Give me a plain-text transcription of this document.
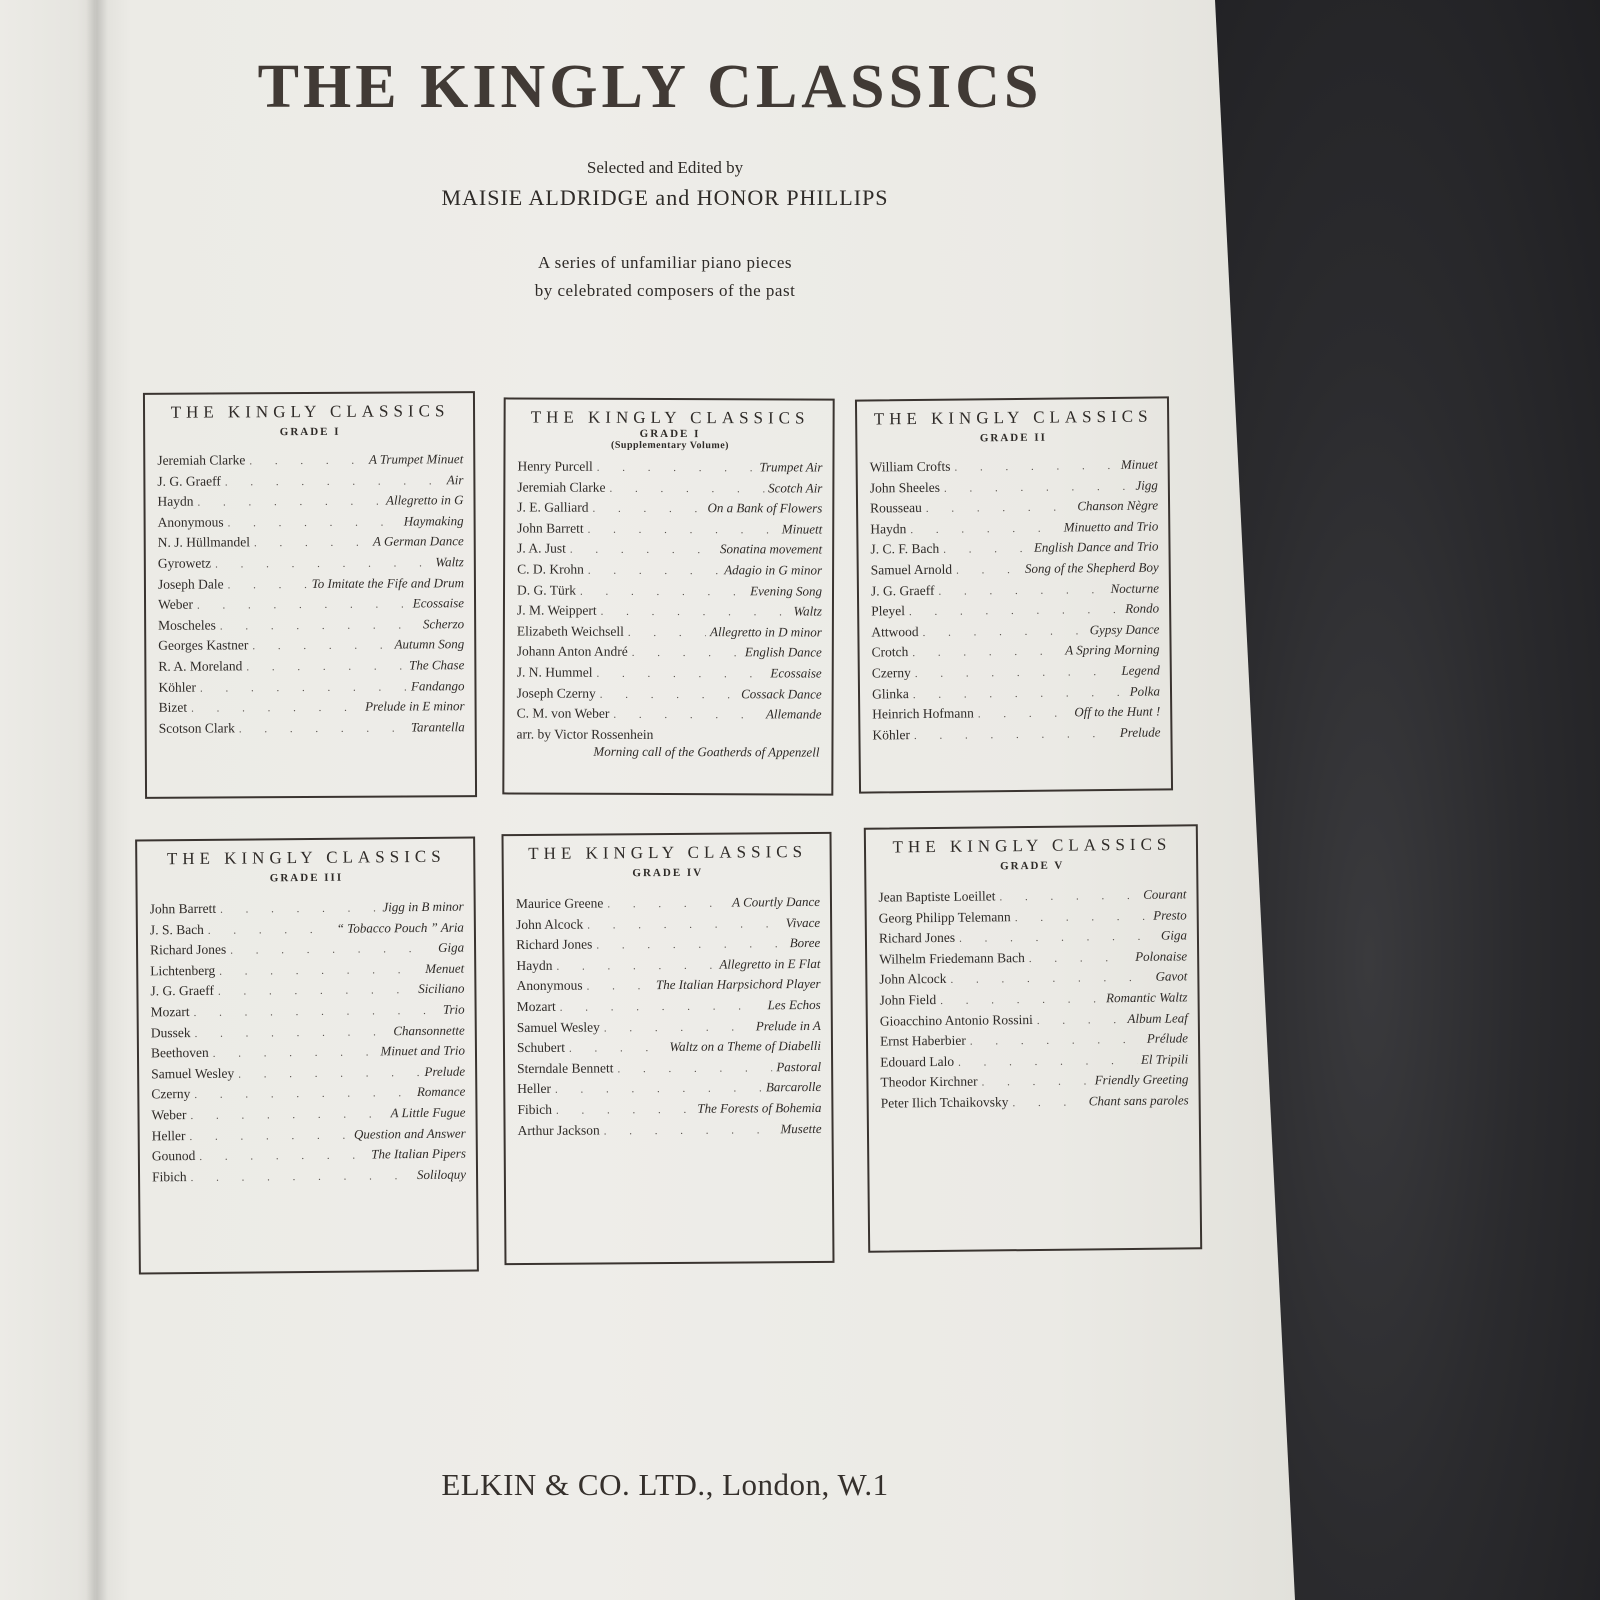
THE KINGLY CLASSICS

Selected and Edited by

MAISIE ALDRIDGE and HONOR PHILLIPS

A series of unfamiliar piano pieces

by celebrated composers of the past

THE KINGLY CLASSICS
GRADE I
Jeremiah Clarke . . .	A Trumpet Minuet
J. G. Graeff . . .	Air
Haydn . . .	Allegretto in G
Anonymous . . .	Haymaking
N. J. Hüllmandel . . .	A German Dance
Gyrowetz . . .	Waltz
Joseph Dale . . .	To Imitate the Fife and Drum
Weber . . .	Ecossaise
Moscheles . . .	Scherzo
Georges Kastner . . .	Autumn Song
R. A. Moreland . . .	The Chase
Köhler . . .	Fandango
Bizet . . .	Prelude in E minor
Scotson Clark . . .	Tarantella
THE KINGLY CLASSICS
GRADE I
(Supplementary Volume)
Henry Purcell . . .	Trumpet Air
Jeremiah Clarke . . .	Scotch Air
J. E. Galliard . . .	On a Bank of Flowers
John Barrett . . .	Minuett
J. A. Just . . .	Sonatina movement
C. D. Krohn . . .	Adagio in G minor
D. G. Türk . . .	Evening Song
J. M. Weippert . . .	Waltz
Elizabeth Weichsell . . .	Allegretto in D minor
Johann Anton André . . .	English Dance
J. N. Hummel . . .	Ecossaise
Joseph Czerny . . .	Cossack Dance
C. M. von Weber . . .	Allemande
arr. by Victor Rossenhein
Morning call of the Goatherds of Appenzell
THE KINGLY CLASSICS
GRADE II
William Crofts . . .	Minuet
John Sheeles . . .	Jigg
Rousseau . . .	Chanson Nègre
Haydn . . .	Minuetto and Trio
J. C. F. Bach . . .	English Dance and Trio
Samuel Arnold . . .	Song of the Shepherd Boy
J. G. Graeff . . .	Nocturne
Pleyel . . .	Rondo
Attwood . . .	Gypsy Dance
Crotch . . .	A Spring Morning
Czerny . . .	Legend
Glinka . . .	Polka
Heinrich Hofmann . . .	Off to the Hunt !
Köhler . . .	Prelude
THE KINGLY CLASSICS
GRADE III
John Barrett . . .	Jigg in B minor
J. S. Bach . . .	“ Tobacco Pouch ” Aria
Richard Jones . . .	Giga
Lichtenberg . . .	Menuet
J. G. Graeff . . .	Siciliano
Mozart . . .	Trio
Dussek . . .	Chansonnette
Beethoven . . .	Minuet and Trio
Samuel Wesley . . .	Prelude
Czerny . . .	Romance
Weber . . .	A Little Fugue
Heller . . .	Question and Answer
Gounod . . .	The Italian Pipers
Fibich . . .	Soliloquy
THE KINGLY CLASSICS
GRADE IV
Maurice Greene . . .	A Courtly Dance
John Alcock . . .	Vivace
Richard Jones . . .	Boree
Haydn . . .	Allegretto in E Flat
Anonymous . . .	The Italian Harpsichord Player
Mozart . . .	Les Echos
Samuel Wesley . . .	Prelude in A
Schubert . . .	Waltz on a Theme of Diabelli
Sterndale Bennett . . .	Pastoral
Heller . . .	Barcarolle
Fibich . . .	The Forests of Bohemia
Arthur Jackson . . .	Musette
THE KINGLY CLASSICS
GRADE V
Jean Baptiste Loeillet . . .	Courant
Georg Philipp Telemann . . .	Presto
Richard Jones . . .	Giga
Wilhelm Friedemann Bach . . .	Polonaise
John Alcock . . .	Gavot
John Field . . .	Romantic Waltz
Gioacchino Antonio Rossini . . .	Album Leaf
Ernst Haberbier . . .	Prélude
Edouard Lalo . . .	El Tripili
Theodor Kirchner . . .	Friendly Greeting
Peter Ilich Tchaikovsky . . .	Chant sans paroles

ELKIN & CO. LTD., London, W.1
